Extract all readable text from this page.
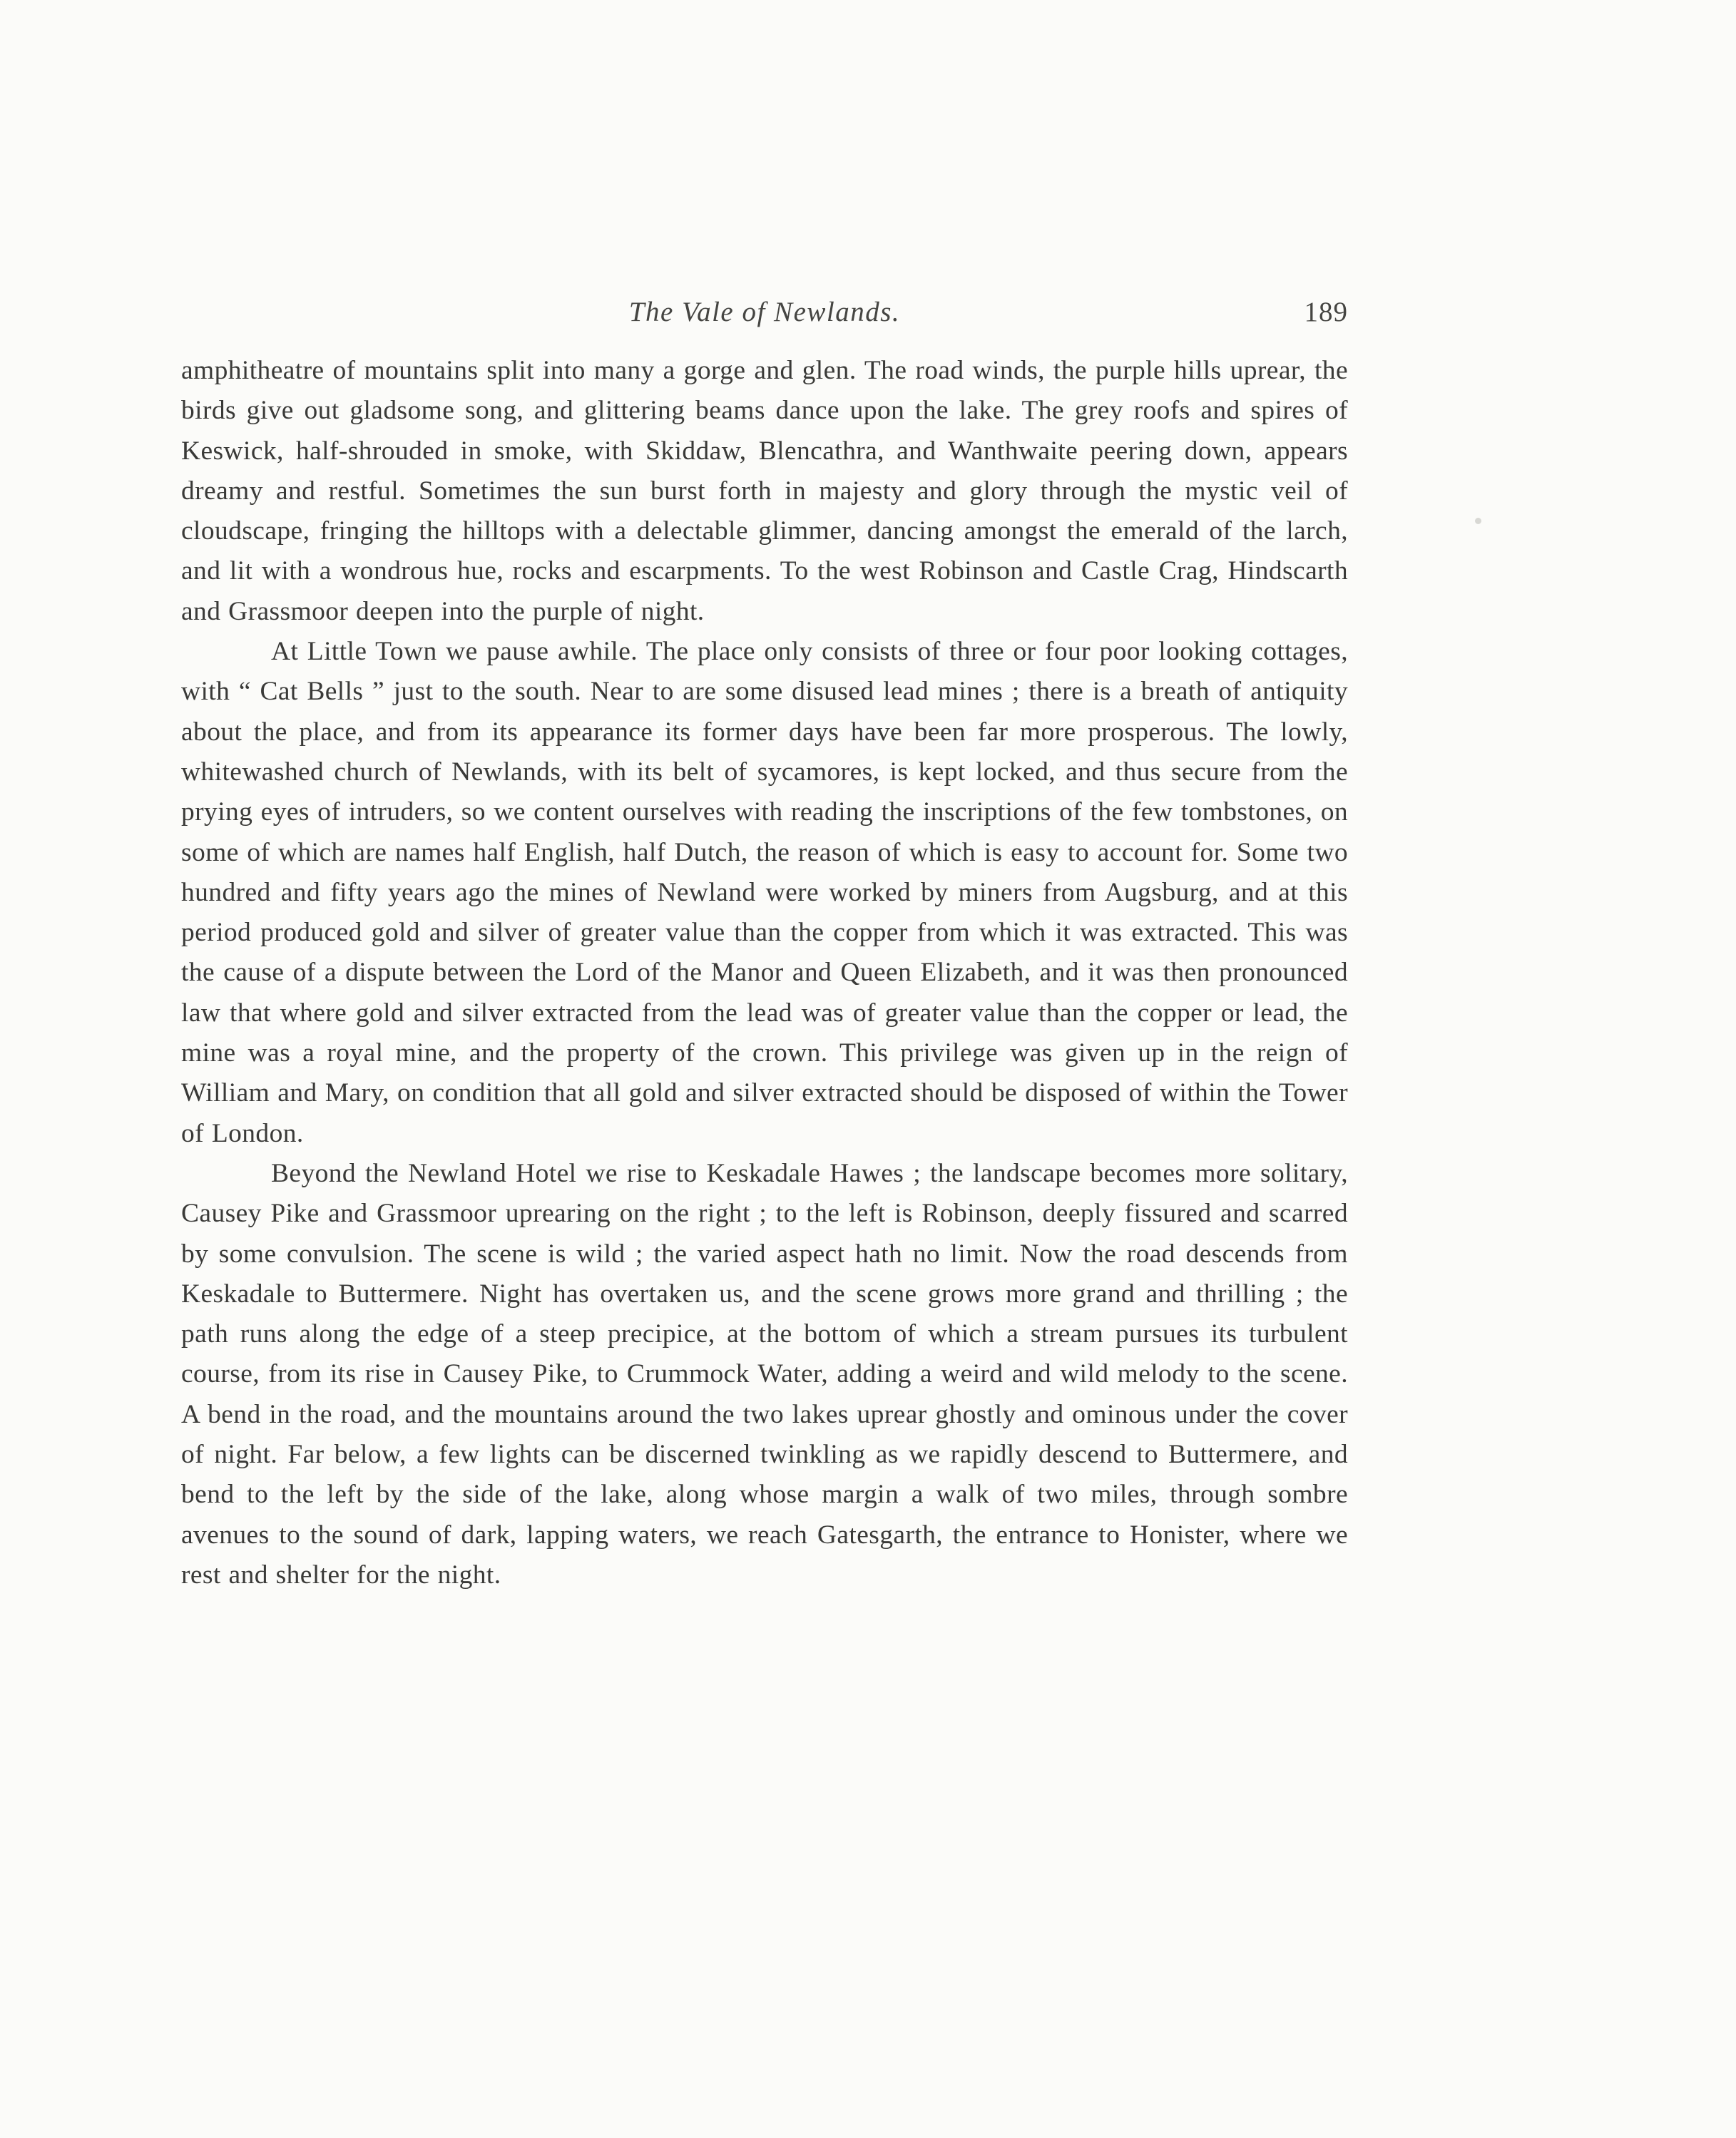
The Vale of Newlands.	189

amphitheatre of mountains split into many a gorge and glen. The road winds, the purple hills uprear, the birds give out gladsome song, and glittering beams dance upon the lake. The grey roofs and spires of Keswick, half-shrouded in smoke, with Skiddaw, Blencathra, and Wanthwaite peering down, appears dreamy and restful. Sometimes the sun burst forth in majesty and glory through the mystic veil of cloudscape, fringing the hilltops with a delectable glimmer, dancing amongst the emerald of the larch, and lit with a wondrous hue, rocks and escarpments. To the west Robinson and Castle Crag, Hindscarth and Grassmoor deepen into the purple of night.

At Little Town we pause awhile. The place only consists of three or four poor looking cottages, with “ Cat Bells ” just to the south. Near to are some disused lead mines ; there is a breath of antiquity about the place, and from its appearance its former days have been far more prosperous. The lowly, whitewashed church of Newlands, with its belt of sycamores, is kept locked, and thus secure from the prying eyes of intruders, so we content ourselves with reading the inscriptions of the few tombstones, on some of which are names half English, half Dutch, the reason of which is easy to account for. Some two hundred and fifty years ago the mines of Newland were worked by miners from Augsburg, and at this period produced gold and silver of greater value than the copper from which it was extracted. This was the cause of a dispute between the Lord of the Manor and Queen Elizabeth, and it was then pronounced law that where gold and silver extracted from the lead was of greater value than the copper or lead, the mine was a royal mine, and the property of the crown. This privilege was given up in the reign of William and Mary, on condition that all gold and silver extracted should be disposed of within the Tower of London.

Beyond the Newland Hotel we rise to Keskadale Hawes ; the landscape becomes more solitary, Causey Pike and Grassmoor uprearing on the right ; to the left is Robinson, deeply fissured and scarred by some convulsion. The scene is wild ; the varied aspect hath no limit. Now the road descends from Keskadale to Buttermere. Night has overtaken us, and the scene grows more grand and thrilling ; the path runs along the edge of a steep precipice, at the bottom of which a stream pursues its turbulent course, from its rise in Causey Pike, to Crummock Water, adding a weird and wild melody to the scene. A bend in the road, and the mountains around the two lakes uprear ghostly and ominous under the cover of night. Far below, a few lights can be discerned twinkling as we rapidly descend to Buttermere, and bend to the left by the side of the lake, along whose margin a walk of two miles, through sombre avenues to the sound of dark, lapping waters, we reach Gatesgarth, the entrance to Honister, where we rest and shelter for the night.
